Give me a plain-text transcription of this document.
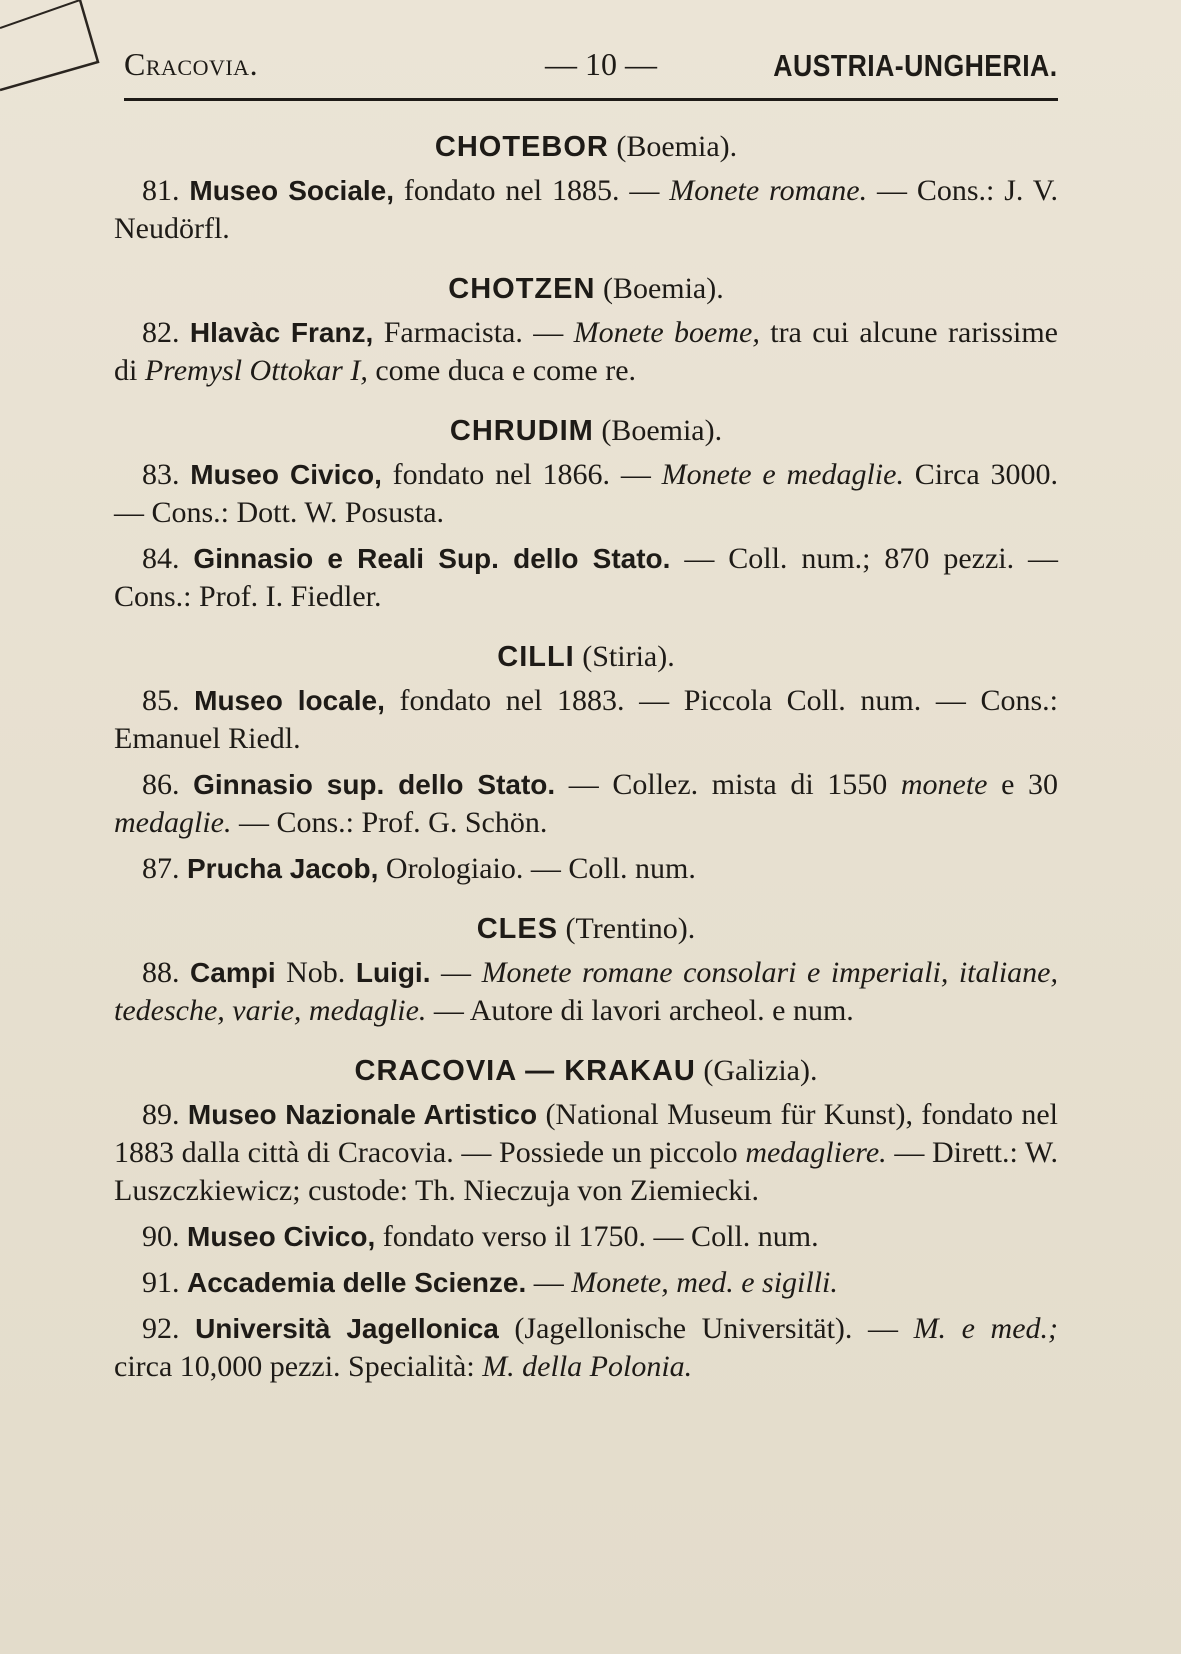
Cracovia.	— 10 —	AUSTRIA-UNGHERIA.

CHOTEBOR (Boemia).

81. Museo Sociale, fondato nel 1885. — Monete romane. — Cons.: J. V. Neudörfl.

CHOTZEN (Boemia).

82. Hlavàc Franz, Farmacista. — Monete boeme, tra cui alcune rarissime di Premysl Ottokar I, come duca e come re.

CHRUDIM (Boemia).

83. Museo Civico, fondato nel 1866. — Monete e medaglie. Circa 3000. — Cons.: Dott. W. Posusta.

84. Ginnasio e Reali Sup. dello Stato. — Coll. num.; 870 pezzi. — Cons.: Prof. I. Fiedler.

CILLI (Stiria).

85. Museo locale, fondato nel 1883. — Piccola Coll. num. — Cons.: Emanuel Riedl.

86. Ginnasio sup. dello Stato. — Collez. mista di 1550 monete e 30 medaglie. — Cons.: Prof. G. Schön.

87. Prucha Jacob, Orologiaio. — Coll. num.

CLES (Trentino).

88. Campi Nob. Luigi. — Monete romane consolari e imperiali, italiane, tedesche, varie, medaglie. — Autore di lavori archeol. e num.

CRACOVIA — KRAKAU (Galizia).

89. Museo Nazionale Artistico (National Museum für Kunst), fondato nel 1883 dalla città di Cracovia. — Possiede un piccolo medagliere. — Dirett.: W. Luszczkiewicz; custode: Th. Nieczuja von Ziemiecki.

90. Museo Civico, fondato verso il 1750. — Coll. num.

91. Accademia delle Scienze. — Monete, med. e sigilli.

92. Università Jagellonica (Jagellonische Universität). — M. e med.; circa 10,000 pezzi. Specialità: M. della Polonia.
